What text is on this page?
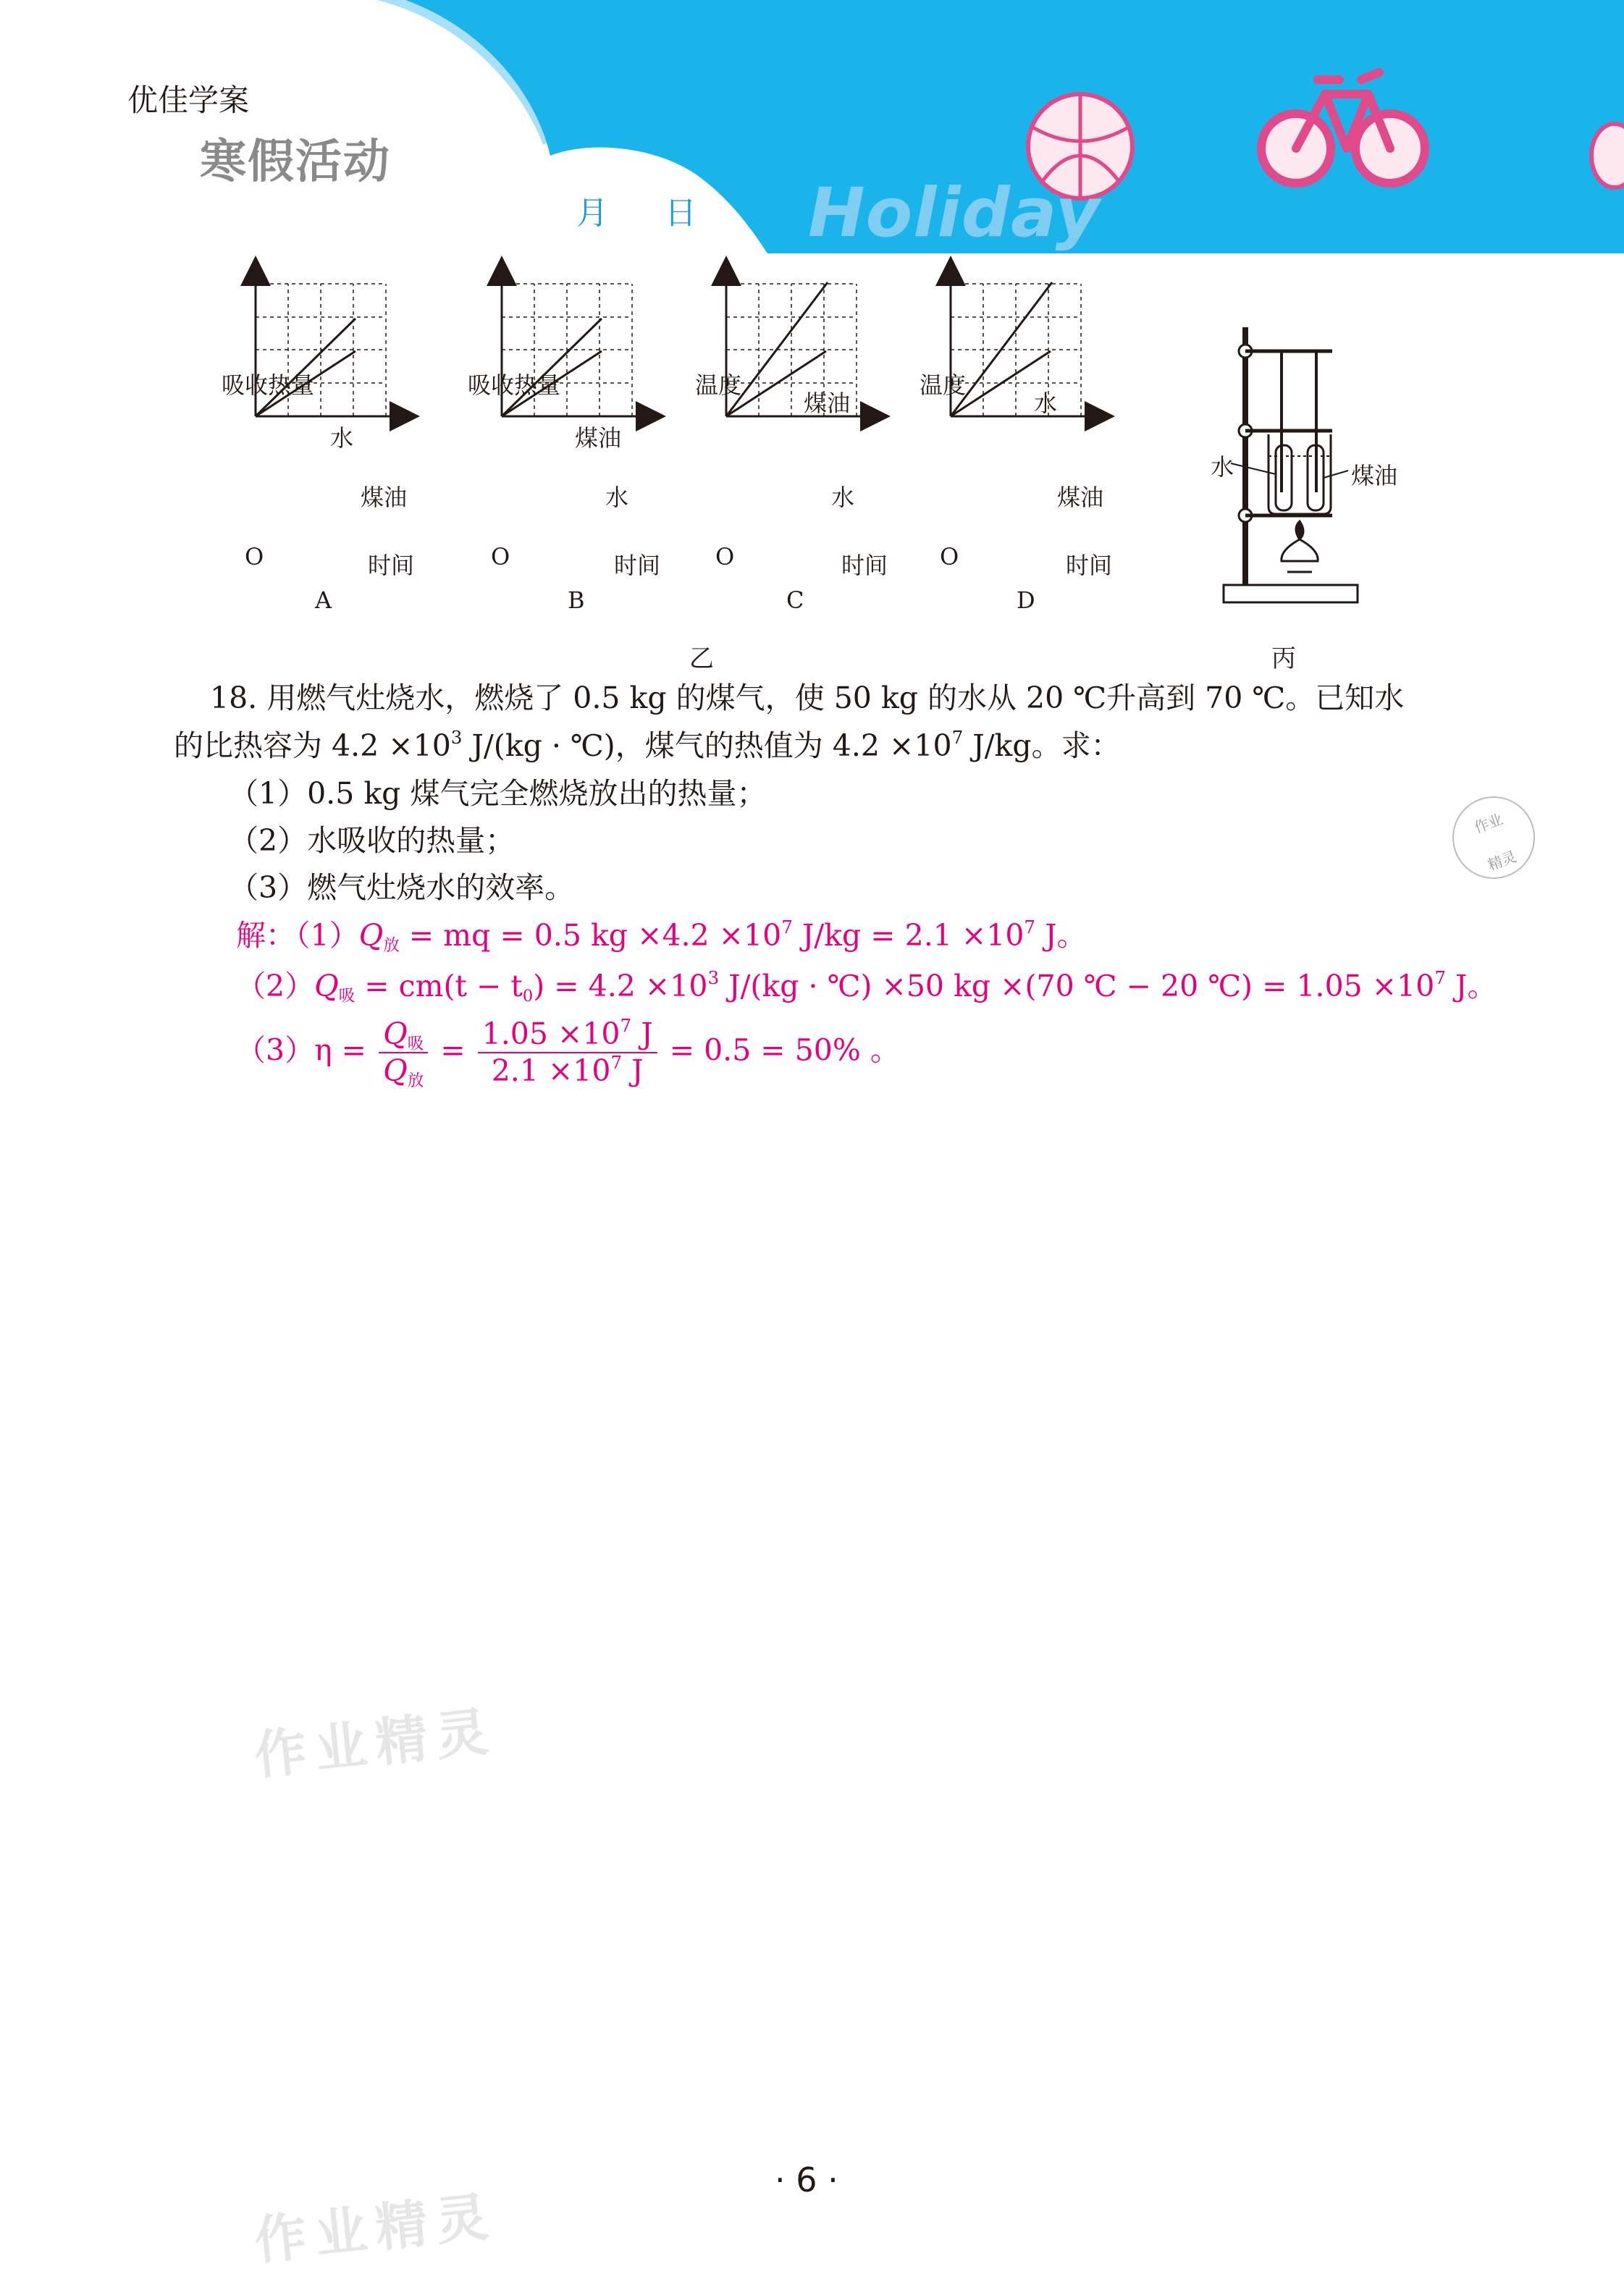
优佳学案
寒假活动
月 日 Holiday
吸收热量
时间
O
水
煤油
A
吸收热量
时间
O
煤油
水
B
温度
时间
O
煤油
水
C
温度
时间
O
水
煤油
D
乙
水	煤油
丙
18. 用燃气灶烧水，燃烧了 0.5 kg 的煤气，使 50 kg 的水从 20 ℃升高到 70 ℃。已知水
的比热容为 $4.2 \times 10^3$ J/(kg · ℃)，煤气的热值为 $4.2 \times 10^7$ J/kg。求：
（1）0.5 kg 煤气完全燃烧放出的热量；
（2）水吸收的热量；
（3）燃气灶烧水的效率。
解：$(1)Q_放$ = mq = 0.5 kg $\times 4.2 \times 10^7$ $J/kg = 2.1 \times 10^7$ J。
$(2)Q_吸 = cm(t - t_0) = 4.2 \times 10^3$ J/(kg · ℃) ×50 kg ×(70 ℃ − 20 ℃) = $1.05 \times 10^7$ J。
$(3)\eta = \frac{Q_吸}{Q_放} = \frac{1.05 \times 10^7 J}{2.1 \times 10^7 J} = 0.5 = 50\%$ 。
作业
精灵
作业精灵
作业精灵
· 6 ·
